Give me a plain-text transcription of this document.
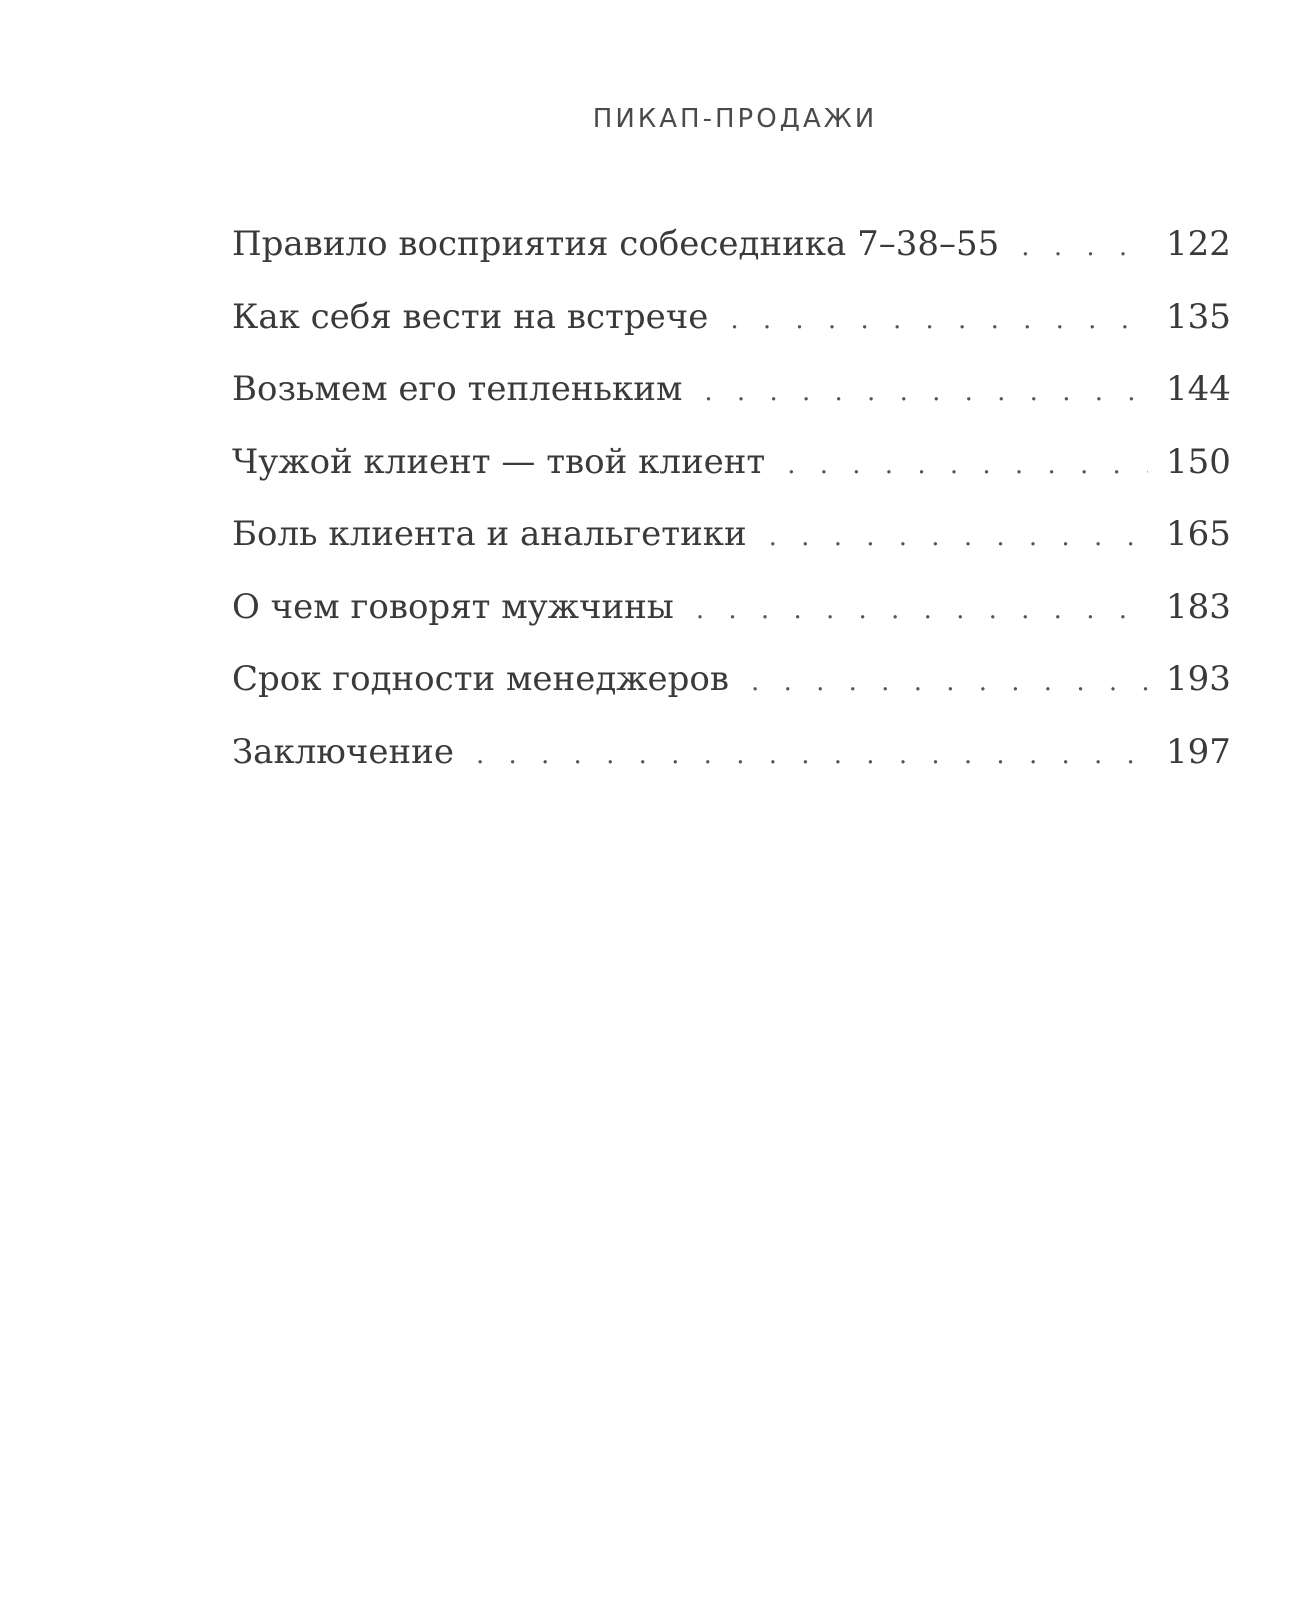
ПИКАП-ПРОДАЖИ
Правило восприятия собеседника 7–38–55 . . .	122
Как себя вести на встрече . . .	135
Возьмем его тепленьким . . .	144
Чужой клиент — твой клиент . . .	150
Боль клиента и анальгетики . . .	165
О чем говорят мужчины . . .	183
Срок годности менеджеров . . .	193
Заключение . . .	197
